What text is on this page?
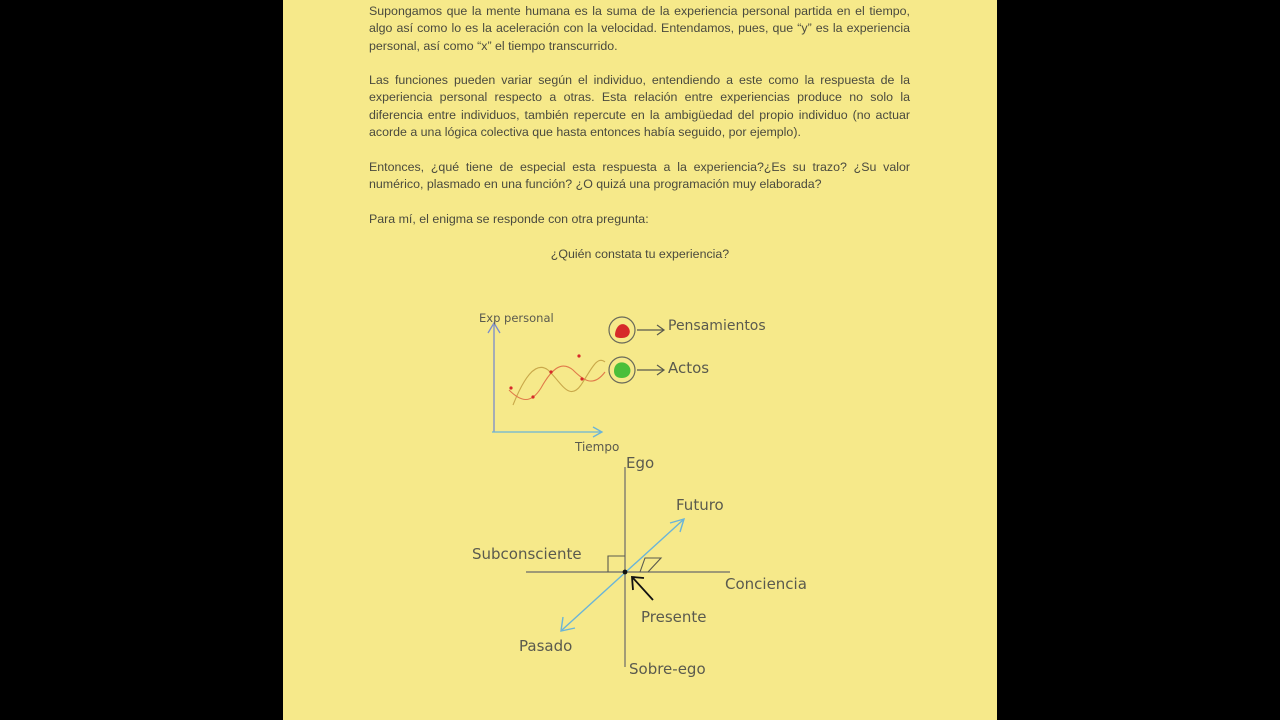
Supongamos que la mente humana es la suma de la experiencia personal partida en el tiempo, algo así como lo es la aceleración con la velocidad. Entendamos, pues, que “y” es la experiencia personal, así como “x” el tiempo transcurrido.

Las funciones pueden variar según el individuo, entendiendo a este como la respuesta de la experiencia personal respecto a otras. Esta relación entre experiencias produce no solo la diferencia entre individuos, también repercute en la ambigüedad del propio individuo (no actuar acorde a una lógica colectiva que hasta entonces había seguido, por ejemplo).

Entonces, ¿qué tiene de especial esta respuesta a la experiencia?¿Es su trazo? ¿Su valor numérico, plasmado en una función? ¿O quizá una programación muy elaborada?

Para mí, el enigma se responde con otra pregunta:

¿Quién constata tu experiencia?

Exp personal
Tiempo
Pensamientos
Actos
Ego
Sobre-ego
Subconsciente
Conciencia
Futuro
Pasado
Presente
